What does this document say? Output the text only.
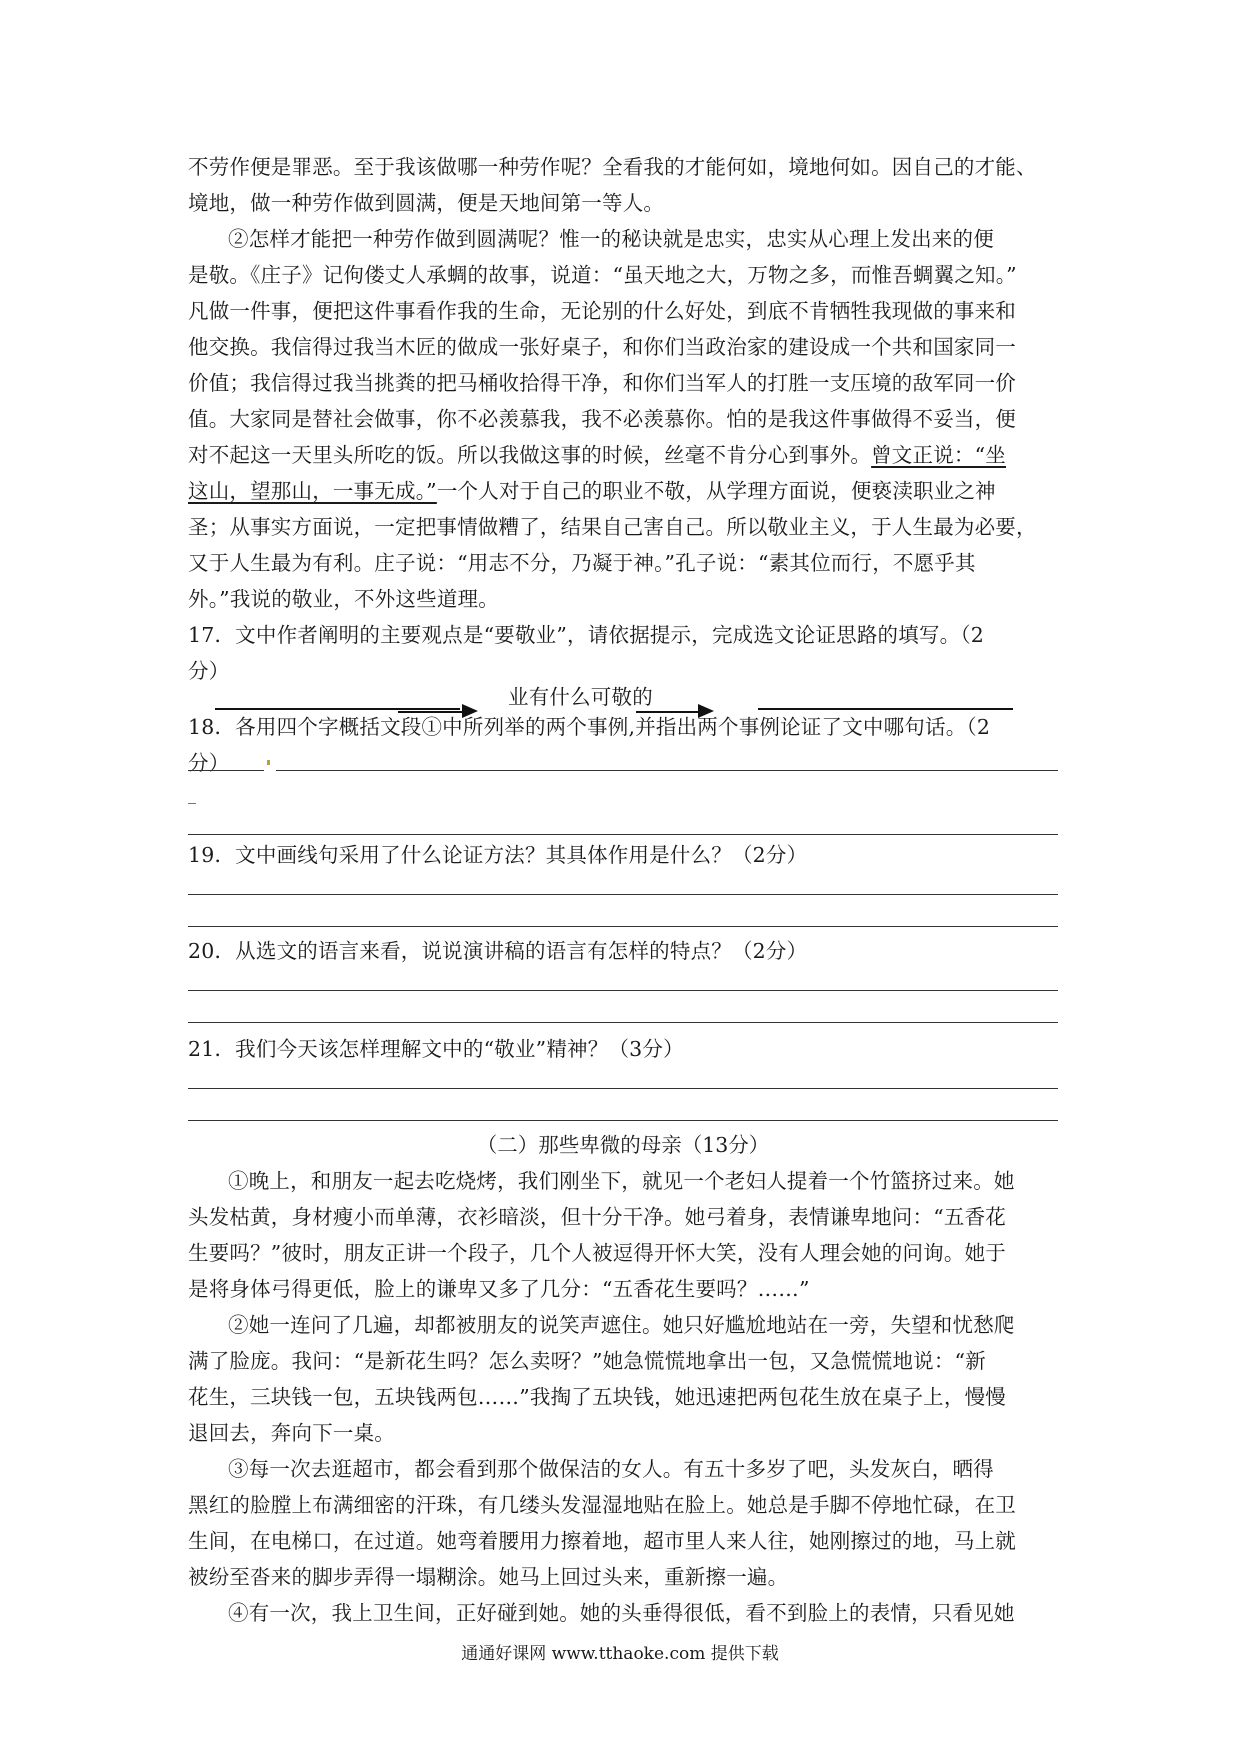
不劳作便是罪恶。至于我该做哪一种劳作呢？全看我的才能何如，境地何如。因自己的才能、
境地，做一种劳作做到圆满，便是天地间第一等人。
②怎样才能把一种劳作做到圆满呢？惟一的秘诀就是忠实，忠实从心理上发出来的便
是敬。《庄子》记佝偻丈人承蜩的故事，说道：“虽天地之大，万物之多，而惟吾蜩翼之知。”
凡做一件事，便把这件事看作我的生命，无论别的什么好处，到底不肯牺牲我现做的事来和
他交换。我信得过我当木匠的做成一张好桌子，和你们当政治家的建设成一个共和国家同一
价值；我信得过我当挑粪的把马桶收拾得干净，和你们当军人的打胜一支压境的敌军同一价
值。大家同是替社会做事，你不必羡慕我，我不必羡慕你。怕的是我这件事做得不妥当，便
对不起这一天里头所吃的饭。所以我做这事的时候，丝毫不肯分心到事外。曾文正说：“坐
这山，望那山，一事无成。”一个人对于自己的职业不敬，从学理方面说，便亵渎职业之神
圣；从事实方面说，一定把事情做糟了，结果自己害自己。所以敬业主义，于人生最为必要，
又于人生最为有利。庄子说：“用志不分，乃凝于神。”孔子说：“素其位而行，不愿乎其
外。”我说的敬业，不外这些道理。
17．文中作者阐明的主要观点是“要敬业”，请依据提示，完成选文论证思路的填写。（2
分）
业有什么可敬的
18．各用四个字概括文段①中所列举的两个事例,并指出两个事例论证了文中哪句话。（2
分）
_
19．文中画线句采用了什么论证方法？其具体作用是什么？（2分）
20．从选文的语言来看，说说演讲稿的语言有怎样的特点？（2分）
21．我们今天该怎样理解文中的“敬业”精神？（3分）
（二）那些卑微的母亲（13分）
①晚上，和朋友一起去吃烧烤，我们刚坐下，就见一个老妇人提着一个竹篮挤过来。她
头发枯黄，身材瘦小而单薄，衣衫暗淡，但十分干净。她弓着身，表情谦卑地问：“五香花
生要吗？”彼时，朋友正讲一个段子，几个人被逗得开怀大笑，没有人理会她的问询。她于
是将身体弓得更低，脸上的谦卑又多了几分：“五香花生要吗？……”
②她一连问了几遍，却都被朋友的说笑声遮住。她只好尴尬地站在一旁，失望和忧愁爬
满了脸庞。我问：“是新花生吗？怎么卖呀？”她急慌慌地拿出一包，又急慌慌地说：“新
花生，三块钱一包，五块钱两包……”我掏了五块钱，她迅速把两包花生放在桌子上，慢慢
退回去，奔向下一桌。
③每一次去逛超市，都会看到那个做保洁的女人。有五十多岁了吧，头发灰白，晒得
黑红的脸膛上布满细密的汗珠，有几缕头发湿湿地贴在脸上。她总是手脚不停地忙碌，在卫
生间，在电梯口，在过道。她弯着腰用力擦着地，超市里人来人往，她刚擦过的地，马上就
被纷至沓来的脚步弄得一塌糊涂。她马上回过头来，重新擦一遍。
④有一次，我上卫生间，正好碰到她。她的头垂得很低，看不到脸上的表情，只看见她
通通好课网 www.tthaoke.com 提供下载
